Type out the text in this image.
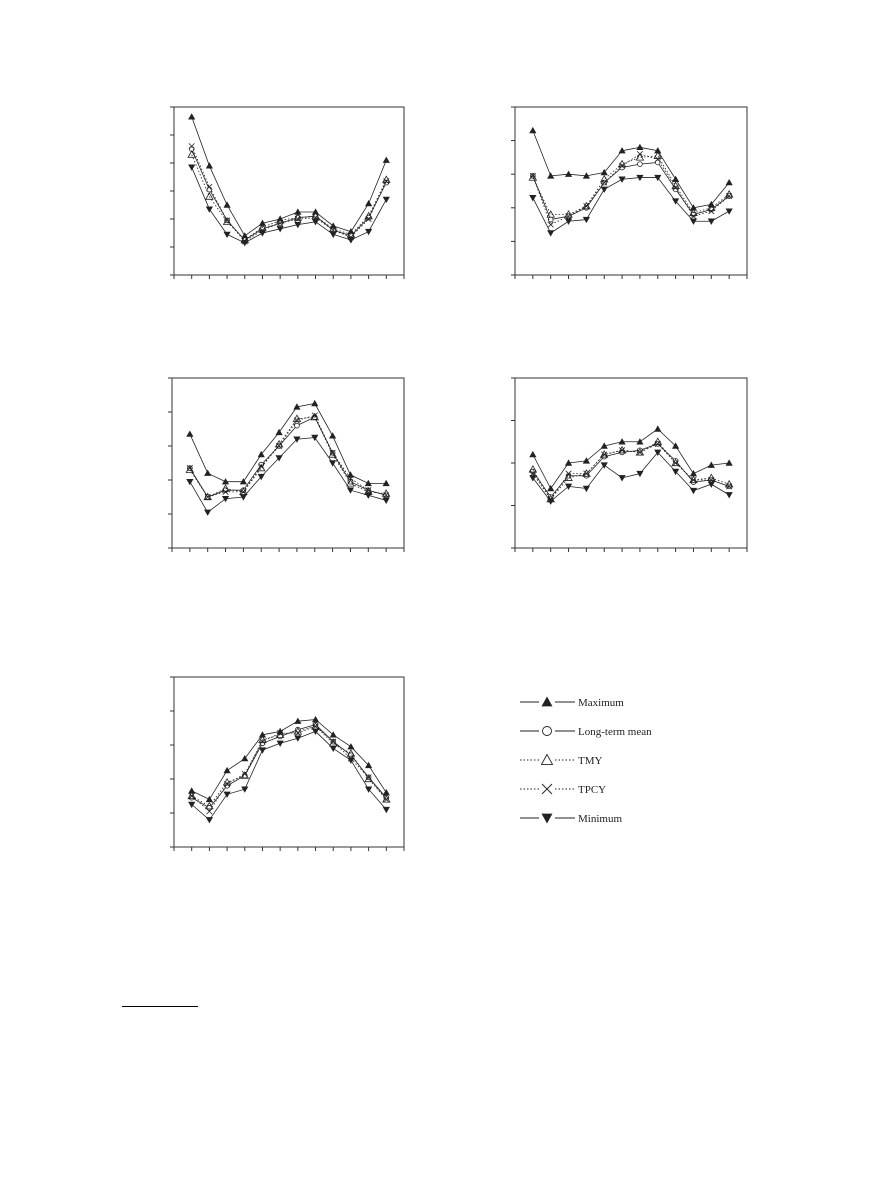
Maximum
Long-term mean
TMY
TPCY
Minimum
